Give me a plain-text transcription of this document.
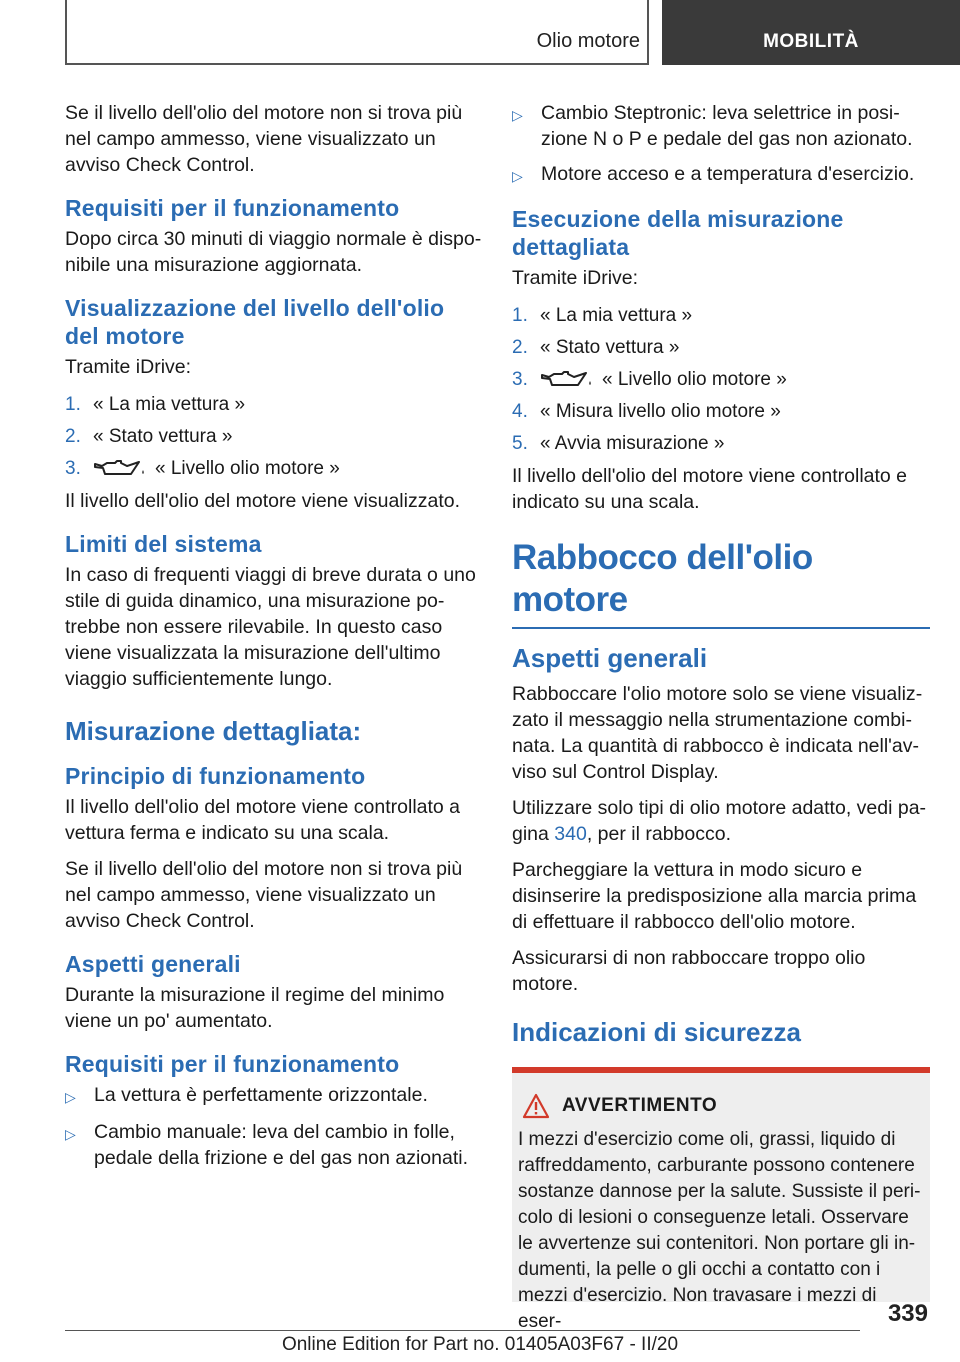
Olio motore	MOBILITÀ

Se il livello dell'olio del motore non si trova più nel campo ammesso, viene visualizzato un avviso Check Control.

Requisiti per il funzionamento

Dopo circa 30 minuti di viaggio normale è disponibile una misurazione aggiornata.

Visualizzazione del livello dell'olio del motore

Tramite iDrive:

1. « La mia vettura »
2. « Stato vettura »
3.	« Livello olio motore »

Il livello dell'olio del motore viene visualizzato.

Limiti del sistema

In caso di frequenti viaggi di breve durata o uno stile di guida dinamico, una misurazione potrebbe non essere rilevabile. In questo caso viene visualizzata la misurazione dell'ultimo viaggio sufficientemente lungo.

Misurazione dettagliata:
Principio di funzionamento

Il livello dell'olio del motore viene controllato a vettura ferma e indicato su una scala.

Se il livello dell'olio del motore non si trova più nel campo ammesso, viene visualizzato un avviso Check Control.

Aspetti generali

Durante la misurazione il regime del minimo viene un po' aumentato.

Requisiti per il funzionamento
▷ La vettura è perfettamente orizzontale.
▷ Cambio manuale: leva del cambio in folle, pedale della frizione e del gas non azionati.
▷ Cambio Steptronic: leva selettrice in posizione N o P e pedale del gas non azionato.
▷ Motore acceso e a temperatura d'esercizio.
Esecuzione della misurazione dettagliata

Tramite iDrive:

1. « La mia vettura »
2. « Stato vettura »
3.	« Livello olio motore »
4. « Misura livello olio motore »
5. « Avvia misurazione »

Il livello dell'olio del motore viene controllato e indicato su una scala.

Rabbocco dell'olio motore
Aspetti generali

Rabboccare l'olio motore solo se viene visualizzato il messaggio nella strumentazione combinata. La quantità di rabbocco è indicata nell'avviso sul Control Display.

Utilizzare solo tipi di olio motore adatto, vedi pagina 340, per il rabbocco.

Parcheggiare la vettura in modo sicuro e disinserire la predisposizione alla marcia prima di effettuare il rabbocco dell'olio motore.

Assicurarsi di non rabboccare troppo olio motore.

Indicazioni di sicurezza
AVVERTIMENTO

I mezzi d'esercizio come oli, grassi, liquido di raffreddamento, carburante possono contenere sostanze dannose per la salute. Sussiste il pericolo di lesioni o conseguenze letali. Osservare le avvertenze sui contenitori. Non portare gli indumenti, la pelle o gli occhi a contatto con i mezzi d'esercizio. Non travasare i mezzi di eser-	339
Online Edition for Part no. 01405A03F67 - II/20
